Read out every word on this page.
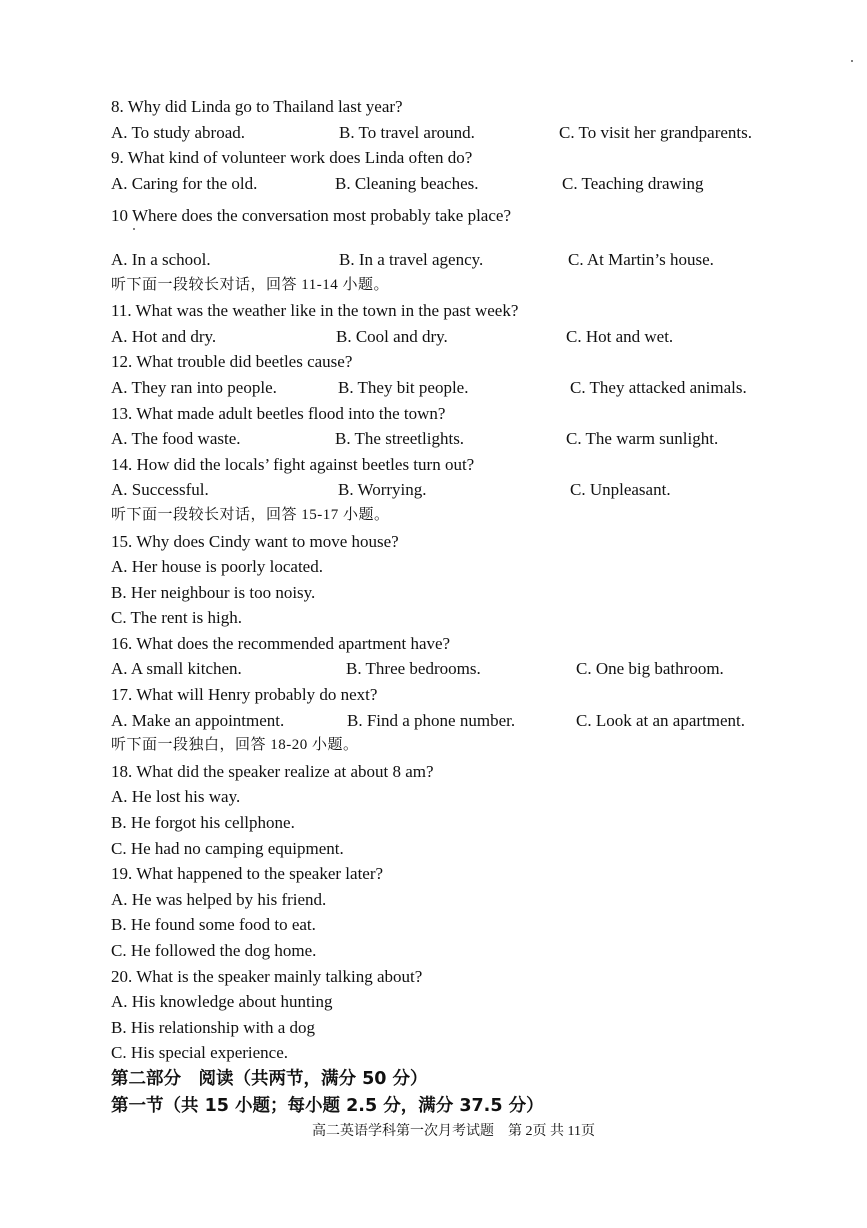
8. Why did Linda go to Thailand last year?
A. To study abroad.	B. To travel around.	C. To visit her grandparents.
9. What kind of volunteer work does Linda often do?
A. Caring for the old.	B. Cleaning beaches.	C. Teaching drawing
10 Where does the conversation most probably take place?
A. In a school.	B. In a travel agency.	C. At Martin’s house.
听下面一段较长对话，回答 11-14 小题。
11. What was the weather like in the town in the past week?
A. Hot and dry.	B. Cool and dry.	C. Hot and wet.
12. What trouble did beetles cause?
A. They ran into people.	B. They bit people.	C. They attacked animals.
13. What made adult beetles flood into the town?
A. The food waste.	B. The streetlights.	C. The warm sunlight.
14. How did the locals’ fight against beetles turn out?
A. Successful.	B. Worrying.	C. Unpleasant.
听下面一段较长对话，回答 15-17 小题。
15. Why does Cindy want to move house?
A. Her house is poorly located.
B. Her neighbour is too noisy.
C. The rent is high.
16. What does the recommended apartment have?
A. A small kitchen.	B. Three bedrooms.	C. One big bathroom.
17. What will Henry probably do next?
A. Make an appointment.	B. Find a phone number.	C. Look at an apartment.
听下面一段独白，回答 18-20 小题。
18. What did the speaker realize at about 8 am?
A. He lost his way.
B. He forgot his cellphone.
C. He had no camping equipment.
19. What happened to the speaker later?
A. He was helped by his friend.
B. He found some food to eat.
C. He followed the dog home.
20. What is the speaker mainly talking about?
A. His knowledge about hunting
B. His relationship with a dog
C. His special experience.
第二部分　阅读（共两节，满分 50 分）
第一节（共 15 小题；每小题 2.5 分，满分 37.5 分）
高二英语学科第一次月考试题　第 2页 共 11页
